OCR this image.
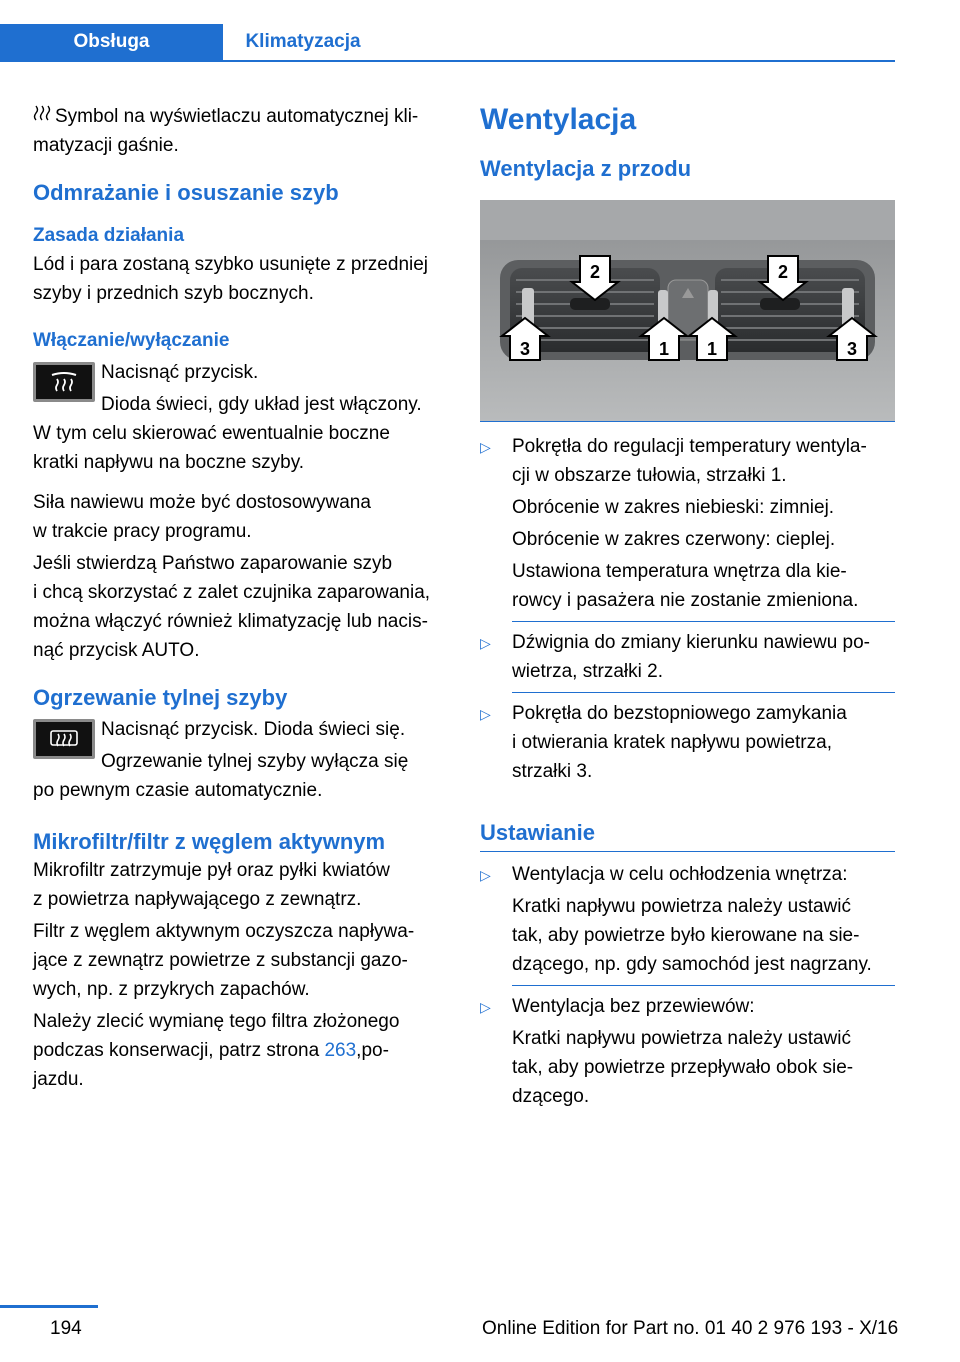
Obsługa	Klimatyzacja

Symbol na wyświetlaczu automatycznej kli-

matyzacji gaśnie.

Odmrażanie i osuszanie szyb

Zasada działania

Lód i para zostaną szybko usunięte z przedniej

szyby i przednich szyb bocznych.

Włączanie/wyłączanie

Nacisnąć przycisk.

Dioda świeci, gdy układ jest włączony.

W tym celu skierować ewentualnie boczne

kratki napływu na boczne szyby.

Siła nawiewu może być dostosowywana

w trakcie pracy programu.

Jeśli stwierdzą Państwo zaparowanie szyb

i chcą skorzystać z zalet czujnika zaparowania,

można włączyć również klimatyzację lub nacis-

nąć przycisk AUTO.

Ogrzewanie tylnej szyby

Nacisnąć przycisk. Dioda świeci się.

Ogrzewanie tylnej szyby wyłącza się

po pewnym czasie automatycznie.

Mikrofiltr/filtr z węglem aktywnym

Mikrofiltr zatrzymuje pył oraz pyłki kwiatów

z powietrza napływającego z zewnątrz.

Filtr z węglem aktywnym oczyszcza napływa-

jące z zewnątrz powietrze z substancji gazo-

wych, np. z przykrych zapachów.

Należy zlecić wymianę tego filtra złożonego

podczas konserwacji, patrz strona 263,po-

jazdu.

Wentylacja

Wentylacja z przodu

2	2
3	1 1	3
▷	Pokrętła do regulacji temperatury wentyla-

cji w obszarze tułowia, strzałki 1.

Obrócenie w zakres niebieski: zimniej.

Obrócenie w zakres czerwony: cieplej.

Ustawiona temperatura wnętrza dla kie-

rowcy i pasażera nie zostanie zmieniona.

▷	Dźwignia do zmiany kierunku nawiewu po-

wietrza, strzałki 2.

▷	Pokrętła do bezstopniowego zamykania

i otwierania kratek napływu powietrza,

strzałki 3.

Ustawianie

▷	Wentylacja w celu ochłodzenia wnętrza:

Kratki napływu powietrza należy ustawić

tak, aby powietrze było kierowane na sie-

dzącego, np. gdy samochód jest nagrzany.

▷	Wentylacja bez przewiewów:

Kratki napływu powietrza należy ustawić

tak, aby powietrze przepływało obok sie-

dzącego.

194	Online Edition for Part no. 01 40 2 976 193 - X/16
